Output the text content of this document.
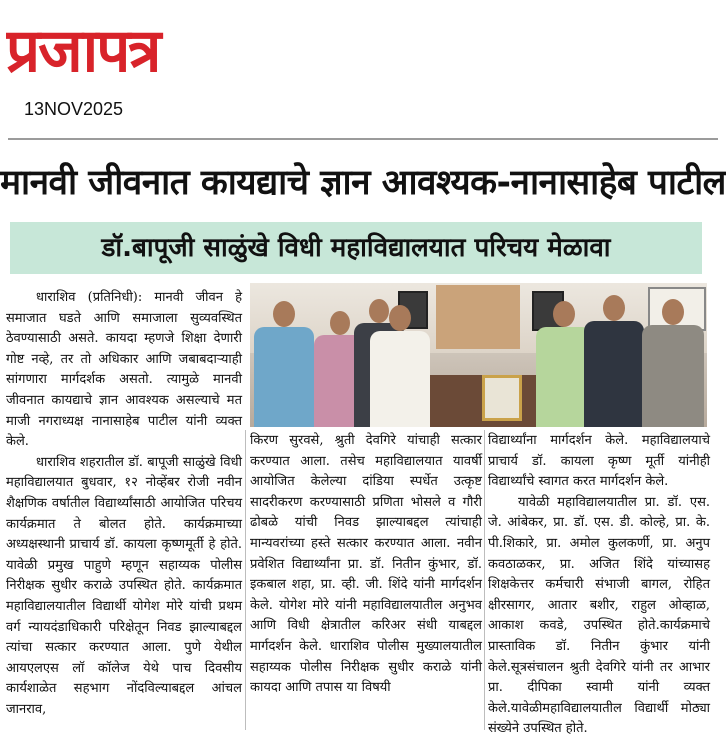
प्रजापत्र
13NOV2025
मानवी जीवनात कायद्याचे ज्ञान आवश्यक-नानासाहेब पाटील
डॉ.बापूजी साळुंखे विधी महाविद्यालयात परिचय मेळावा

धाराशिव (प्रतिनिधी): मानवी जीवन हे समाजात घडते आणि समाजाला सुव्यवस्थित ठेवण्यासाठी असते. कायदा म्हणजे शिक्षा देणारी गोष्ट नव्हे, तर तो अधिकार आणि जबाबदार्‍याही सांगणारा मार्गदर्शक असतो. त्यामुळे मानवी जीवनात कायद्याचे ज्ञान आवश्यक असल्याचे मत माजी नगराध्यक्ष नानासाहेब पाटील यांनी व्यक्त केले.

धाराशिव शहरातील डॉ. बापूजी साळुंखे विधी महाविद्यालयात बुधवार, १२ नोव्हेंबर रोजी नवीन शैक्षणिक वर्षातील विद्यार्थ्यांसाठी आयोजित परिचय कार्यक्रमात ते बोलत होते. कार्यक्रमाच्या अध्यक्षस्थानी प्राचार्य डॉ. कायला कृष्णमूर्ती हे होते. यावेळी प्रमुख पाहुणे म्हणून सहाय्यक पोलीस निरीक्षक सुधीर कराळे उपस्थित होते. कार्यक्रमात महाविद्यालयातील विद्यार्थी योगेश मोरे यांची प्रथम वर्ग न्यायदंडाधिकारी परिक्षेतून निवड झाल्याबद्दल त्यांचा सत्कार करण्यात आला. पुणे येथील आयएलएस लॉ कॉलेज येथे पाच दिवसीय कार्यशाळेत सहभाग नोंदविल्याबद्दल आंचल जानराव,

किरण सुरवसे, श्रुती देवगिरे यांचाही सत्कार करण्यात आला. तसेच महाविद्यालयात यावर्षी आयोजित केलेल्या दांडिया स्पर्धेत उत्कृष्ट सादरीकरण करण्यासाठी प्रणिता भोसले व गौरी ढोबळे यांची निवड झाल्याबद्दल त्यांचाही मान्यवरांच्या हस्ते सत्कार करण्यात आला. नवीन प्रवेशित विद्यार्थ्यांना प्रा. डॉ. नितीन कुंभार, डॉ. इकबाल शहा, प्रा. व्ही. जी. शिंदे यांनी मार्गदर्शन केले. योगेश मोरे यांनी महाविद्यालयातील अनुभव आणि विधी क्षेत्रातील करिअर संधी याबद्दल मार्गदर्शन केले. धाराशिव पोलीस मुख्यालयातील सहाय्यक पोलीस निरीक्षक सुधीर कराळे यांनी कायदा आणि तपास या विषयी

विद्यार्थ्यांना मार्गदर्शन केले. महाविद्यालयाचे प्राचार्य डॉ. कायला कृष्ण मूर्ती यांनीही विद्यार्थ्यांचे स्वागत करत मार्गदर्शन केले.

यावेळी महाविद्यालयातील प्रा. डॉ. एस. जे. आंबेकर, प्रा. डॉ. एस. डी. कोल्हे, प्रा. के. पी.शिकारे, प्रा. अमोल कुलकर्णी, प्रा. अनुप कवठाळकर, प्रा. अजित शिंदे यांच्यासह शिक्षकेत्तर कर्मचारी संभाजी बागल, रोहित क्षीरसागर, आतार बशीर, राहुल ओव्हाळ, आकाश कवडे, उपस्थित होते.कार्यक्रमाचे प्रास्ताविक डॉ. नितीन कुंभार यांनी केले.सूत्रसंचालन श्रुती देवगिरे यांनी तर आभार प्रा. दीपिका स्वामी यांनी व्यक्त केले.यावेळीमहाविद्यालयातील विद्यार्थी मोठ्या संख्येने उपस्थित होते.
